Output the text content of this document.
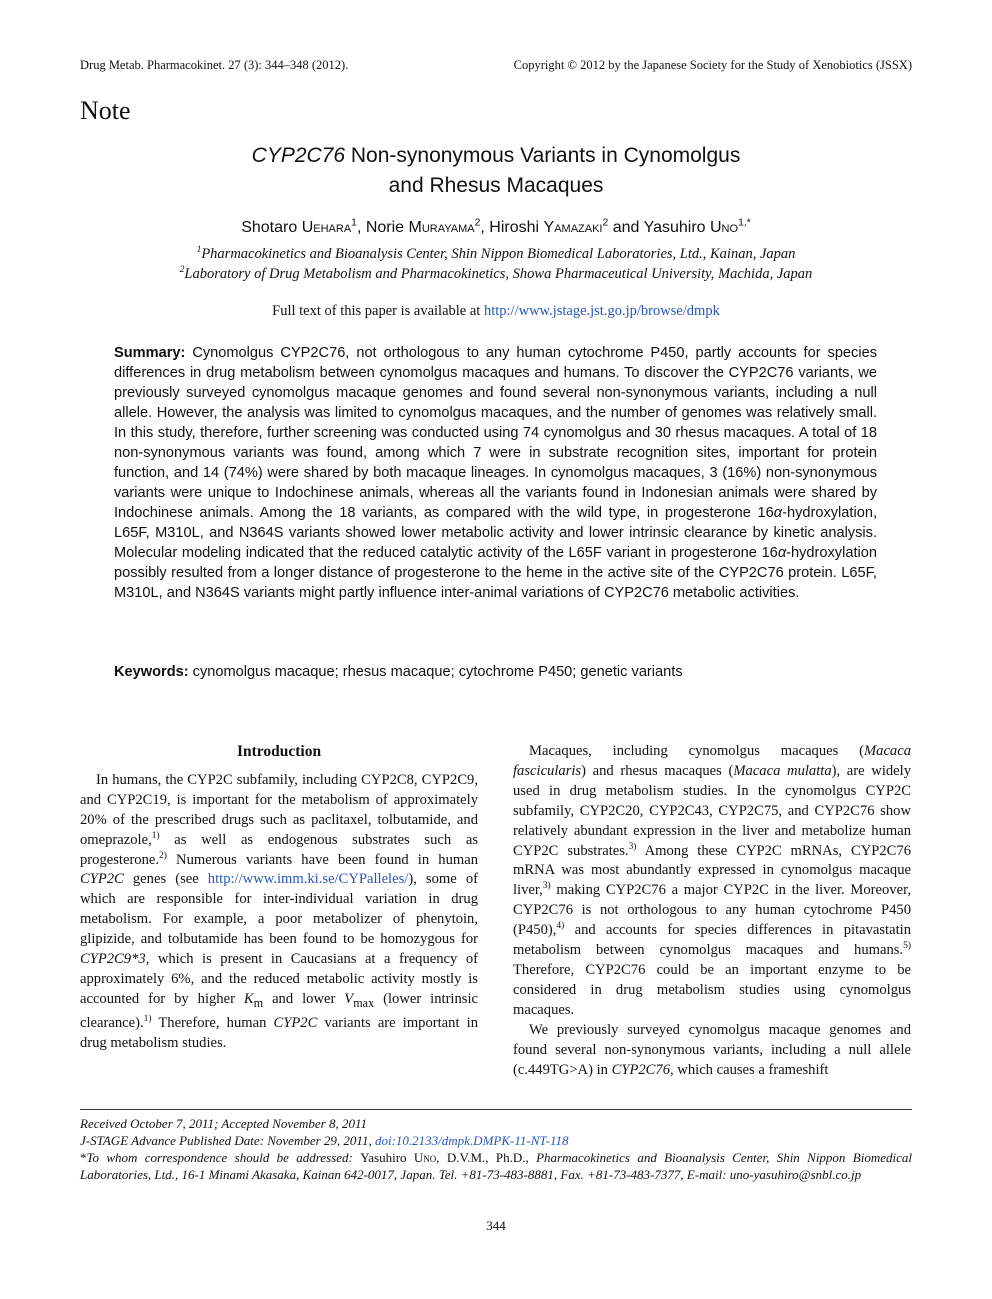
Drug Metab. Pharmacokinet. 27 (3): 344–348 (2012).	Copyright © 2012 by the Japanese Society for the Study of Xenobiotics (JSSX)
Note
CYP2C76 Non-synonymous Variants in Cynomolgus
and Rhesus Macaques
Shotaro Uehara$^1$, Norie Murayama$^2$, Hiroshi Yamazaki$^2$ and Yasuhiro Uno$^{1,*}$
$^1$Pharmacokinetics and Bioanalysis Center, Shin Nippon Biomedical Laboratories, Ltd., Kainan, Japan
$^2$Laboratory of Drug Metabolism and Pharmacokinetics, Showa Pharmaceutical University, Machida, Japan
Full text of this paper is available at http://www.jstage.jst.go.jp/browse/dmpk
Summary: Cynomolgus CYP2C76, not orthologous to any human cytochrome P450, partly accounts for species differences in drug metabolism between cynomolgus macaques and humans. To discover the CYP2C76 variants, we previously surveyed cynomolgus macaque genomes and found several non-synonymous variants, including a null allele. However, the analysis was limited to cynomolgus macaques, and the number of genomes was relatively small. In this study, therefore, further screening was conducted using 74 cynomolgus and 30 rhesus macaques. A total of 18 non-synonymous variants was found, among which 7 were in substrate recognition sites, important for protein function, and 14 (74%) were shared by both macaque lineages. In cynomolgus macaques, 3 (16%) non-synonymous variants were unique to Indochinese animals, whereas all the variants found in Indonesian animals were shared by Indochinese animals. Among the 18 variants, as compared with the wild type, in progesterone 16α-hydroxylation, L65F, M310L, and N364S variants showed lower metabolic activity and lower intrinsic clearance by kinetic analysis. Molecular modeling indicated that the reduced catalytic activity of the L65F variant in progesterone 16α-hydroxylation possibly resulted from a longer distance of progesterone to the heme in the active site of the CYP2C76 protein. L65F, M310L, and N364S variants might partly influence inter-animal variations of CYP2C76 metabolic activities.
Keywords: cynomolgus macaque; rhesus macaque; cytochrome P450; genetic variants
Introduction

In humans, the CYP2C subfamily, including CYP2C8, CYP2C9, and CYP2C19, is important for the metabolism of approximately 20% of the prescribed drugs such as paclitaxel, tolbutamide, and omeprazole,$^{1)}$ as well as endogenous substrates such as progesterone.$^{2)}$ Numerous variants have been found in human CYP2C genes (see http://www.imm.ki.se/CYPalleles/), some of which are responsible for inter-individual variation in drug metabolism. For example, a poor metabolizer of phenytoin, glipizide, and tolbutamide has been found to be homozygous for CYP2C9*3, which is present in Caucasians at a frequency of approximately 6%, and the reduced metabolic activity mostly is accounted for by higher $K_m$ and lower $V_{max}$ (lower intrinsic clearance).$^{1)}$ Therefore, human CYP2C variants are important in drug metabolism studies.

Macaques, including cynomolgus macaques (Macaca fascicularis) and rhesus macaques (Macaca mulatta), are widely used in drug metabolism studies. In the cynomolgus CYP2C subfamily, CYP2C20, CYP2C43, CYP2C75, and CYP2C76 show relatively abundant expression in the liver and metabolize human CYP2C substrates.$^{3)}$ Among these CYP2C mRNAs, CYP2C76 mRNA was most abundantly expressed in cynomolgus macaque liver,$^{3)}$ making CYP2C76 a major CYP2C in the liver. Moreover, CYP2C76 is not orthologous to any human cytochrome P450 (P450),$^{4)}$ and accounts for species differences in pitavastatin metabolism between cynomolgus macaques and humans.$^{5)}$ Therefore, CYP2C76 could be an important enzyme to be considered in drug metabolism studies using cynomolgus macaques.

We previously surveyed cynomolgus macaque genomes and found several non-synonymous variants, including a null allele (c.449TG>A) in CYP2C76, which causes a frameshift

Received October 7, 2011; Accepted November 8, 2011
J-STAGE Advance Published Date: November 29, 2011, doi:10.2133/dmpk.DMPK-11-NT-118
*To whom correspondence should be addressed: Yasuhiro Uno, D.V.M., Ph.D., Pharmacokinetics and Bioanalysis Center, Shin Nippon Biomedical Laboratories, Ltd., 16-1 Minami Akasaka, Kainan 642-0017, Japan. Tel. +81-73-483-8881, Fax. +81-73-483-7377, E-mail: uno-yasuhiro@snbl.co.jp
344
